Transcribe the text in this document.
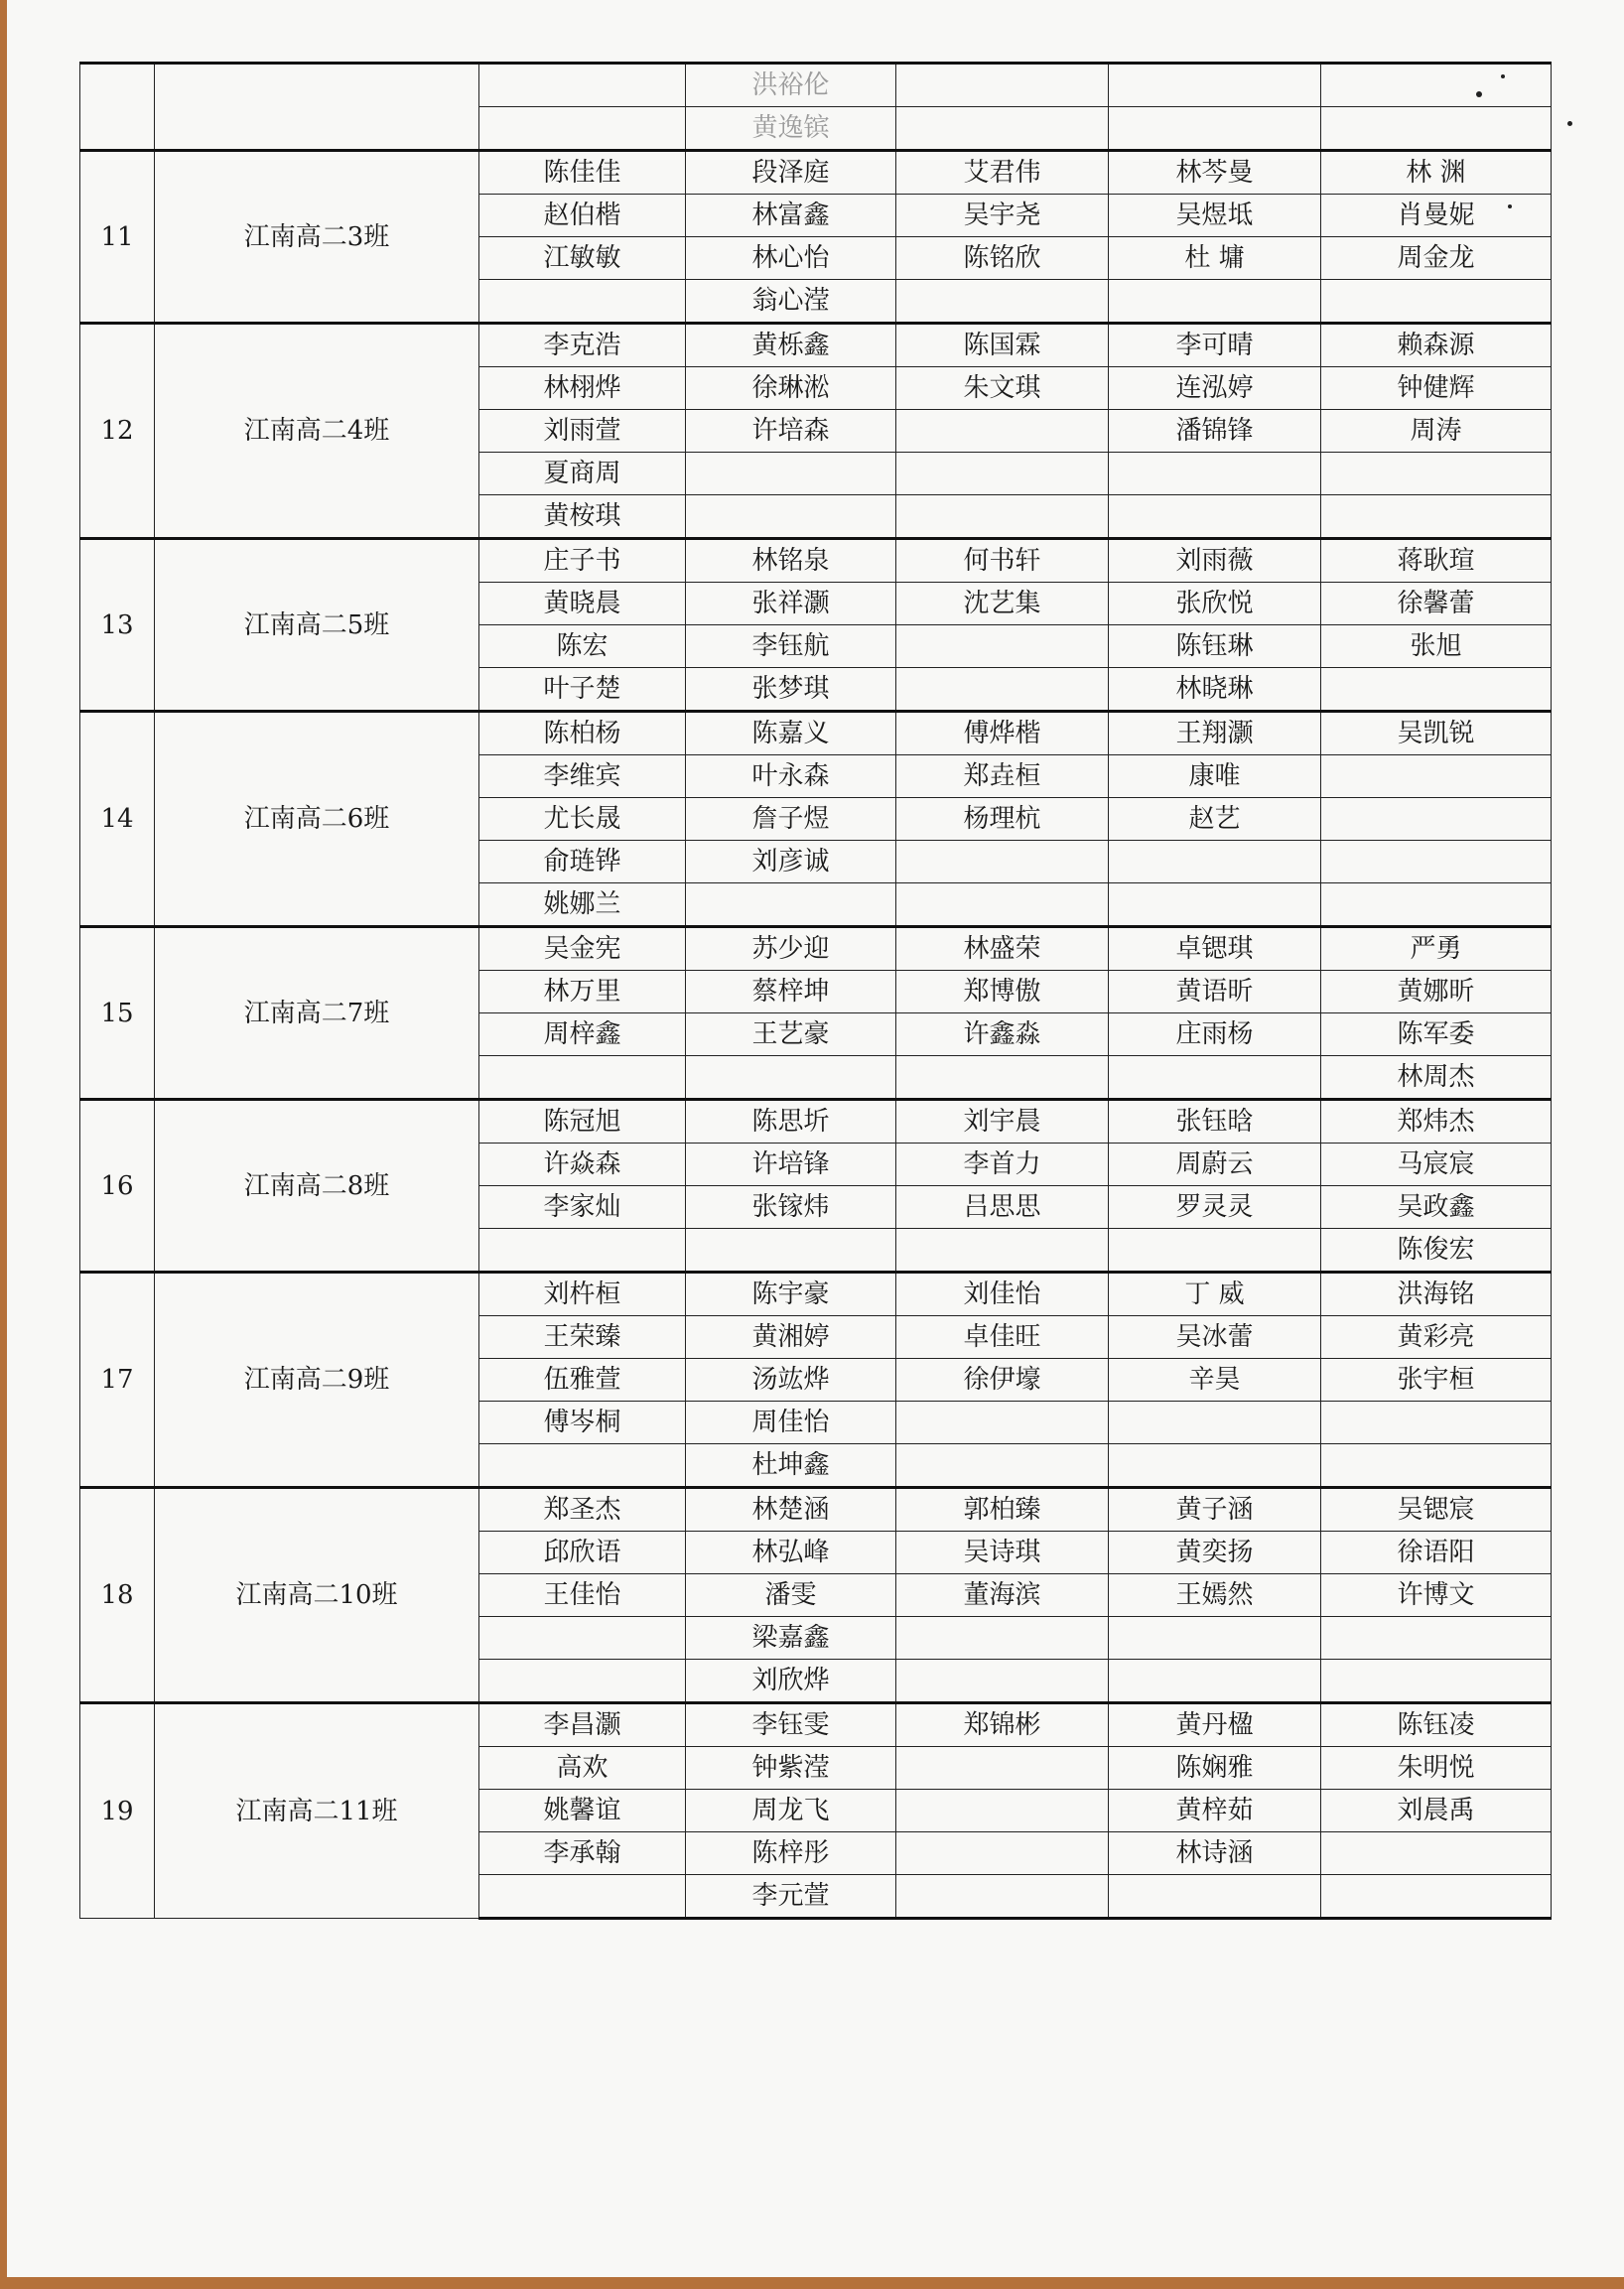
			洪裕伦			
			黄逸镔			
11	江南高二3班	陈佳佳	段泽庭	艾君伟	林芩曼	林 渊
		赵伯楷	林富鑫	吴宇尧	吴煜坻	肖曼妮
		江敏敏	林心怡	陈铭欣	杜 墉	周金龙
			翁心滢			
12	江南高二4班	李克浩	黄栎鑫	陈国霖	李可晴	赖森源
		林栩烨	徐琳淞	朱文琪	连泓婷	钟健辉
		刘雨萱	许培森		潘锦锋	周涛
		夏商周				
		黄桉琪				
13	江南高二5班	庄子书	林铭泉	何书轩	刘雨薇	蒋耿瑄
		黄晓晨	张祥灏	沈艺集	张欣悦	徐馨蕾
		陈宏	李钰航		陈钰琳	张旭
		叶子楚	张梦琪		林晓琳	
14	江南高二6班	陈柏杨	陈嘉义	傅烨楷	王翔灏	吴凯锐
		李维宾	叶永森	郑垚桓	康唯	
		尤长晟	詹子煜	杨理杭	赵艺	
		俞琏铧	刘彦诚			
		姚娜兰				
15	江南高二7班	吴金宪	苏少迎	林盛荣	卓锶琪	严勇
		林万里	蔡梓坤	郑博傲	黄语昕	黄娜昕
		周梓鑫	王艺豪	许鑫淼	庄雨杨	陈军委
						林周杰
16	江南高二8班	陈冠旭	陈思圻	刘宇晨	张钰晗	郑炜杰
		许焱森	许培锋	李首力	周蔚云	马宸宸
		李家灿	张镓炜	吕思思	罗灵灵	吴政鑫
						陈俊宏
17	江南高二9班	刘杵桓	陈宇豪	刘佳怡	丁 威	洪海铭
		王荣臻	黄湘婷	卓佳旺	吴冰蕾	黄彩亮
		伍雅萱	汤竑烨	徐伊壕	辛昊	张宇桓
		傅岑桐	周佳怡			
			杜坤鑫			
18	江南高二10班	郑圣杰	林楚涵	郭柏臻	黄子涵	吴锶宸
		邱欣语	林弘峰	吴诗琪	黄奕扬	徐语阳
		王佳怡	潘雯	董海滨	王嫣然	许博文
			梁嘉鑫			
			刘欣烨			
19	江南高二11班	李昌灏	李钰雯	郑锦彬	黄丹楹	陈钰凌
		高欢	钟紫滢		陈娴雅	朱明悦
		姚馨谊	周龙飞		黄梓茹	刘晨禹
		李承翰	陈梓彤		林诗涵	
			李元萱			
